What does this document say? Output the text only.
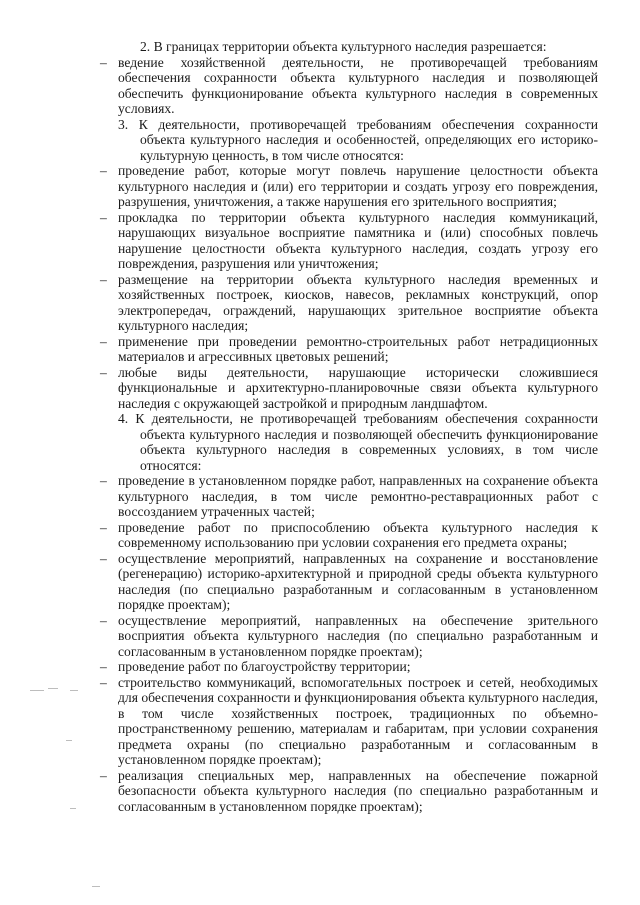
2. В границах территории объекта культурного наследия разрешается:

– ведение хозяйственной деятельности, не противоречащей требованиям обеспечения сохранности объекта культурного наследия и позволяющей обеспечить функционирование объекта культурного наследия в современных условиях.

3. К деятельности, противоречащей требованиям обеспечения сохранности объекта культурного наследия и особенностей, определяющих его историко-культурную ценность, в том числе относятся:

– проведение работ, которые могут повлечь нарушение целостности объекта культурного наследия и (или) его территории и создать угрозу его повреждения, разрушения, уничтожения, а также нарушения его зрительного восприятия;

– прокладка по территории объекта культурного наследия коммуникаций, нарушающих визуальное восприятие памятника и (или) способных повлечь нарушение целостности объекта культурного наследия, создать угрозу его повреждения, разрушения или уничтожения;

– размещение на территории объекта культурного наследия временных и хозяйственных построек, киосков, навесов, рекламных конструкций, опор электропередач, ограждений, нарушающих зрительное восприятие объекта культурного наследия;

– применение при проведении ремонтно-строительных работ нетрадиционных материалов и агрессивных цветовых решений;

– любые виды деятельности, нарушающие исторически сложившиеся функциональные и архитектурно-планировочные связи объекта культурного наследия с окружающей застройкой и природным ландшафтом.

4. К деятельности, не противоречащей требованиям обеспечения сохранности объекта культурного наследия и позволяющей обеспечить функционирование объекта культурного наследия в современных условиях, в том числе относятся:

– проведение в установленном порядке работ, направленных на сохранение объекта культурного наследия, в том числе ремонтно-реставрационных работ с воссозданием утраченных частей;

– проведение работ по приспособлению объекта культурного наследия к современному использованию при условии сохранения его предмета охраны;

– осуществление мероприятий, направленных на сохранение и восстановление (регенерацию) историко-архитектурной и природной среды объекта культурного наследия (по специально разработанным и согласованным в установленном порядке проектам);

– осуществление мероприятий, направленных на обеспечение зрительного восприятия объекта культурного наследия (по специально разработанным и согласованным в установленном порядке проектам);

– проведение работ по благоустройству территории;

– строительство коммуникаций, вспомогательных построек и сетей, необходимых для обеспечения сохранности и функционирования объекта культурного наследия, в том числе хозяйственных построек, традиционных по объемно-пространственному решению, материалам и габаритам, при условии сохранения предмета охраны (по специально разработанным и согласованным в установленном порядке проектам);

– реализация специальных мер, направленных на обеспечение пожарной безопасности объекта культурного наследия (по специально разработанным и согласованным в установленном порядке проектам);
